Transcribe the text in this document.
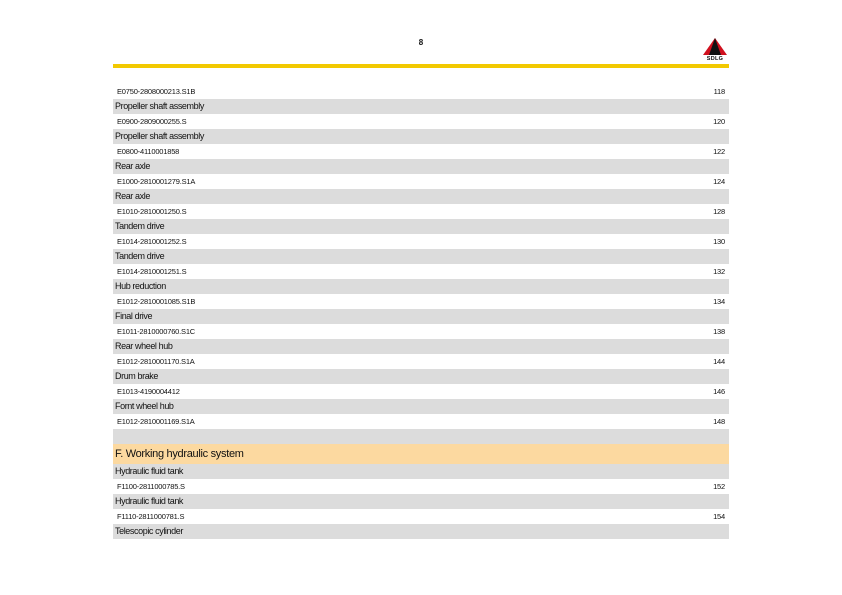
8
SDLG
E0750-2808000213.S1B	118
Propeller shaft assembly
E0900-2809000255.S	120
Propeller shaft assembly
E0800-4110001858	122
Rear axle
E1000-2810001279.S1A	124
Rear axle
E1010-2810001250.S	128
Tandem drive
E1014-2810001252.S	130
Tandem drive
E1014-2810001251.S	132
Hub reduction
E1012-2810001085.S1B	134
Final drive
E1011-2810000760.S1C	138
Rear wheel hub
E1012-2810001170.S1A	144
Drum brake
E1013-4190004412	146
Fornt wheel hub
E1012-2810001169.S1A	148
F. Working hydraulic system
Hydraulic fluid tank
F1100-2811000785.S	152
Hydraulic fluid tank
F1110-2811000781.S	154
Telescopic cylinder
